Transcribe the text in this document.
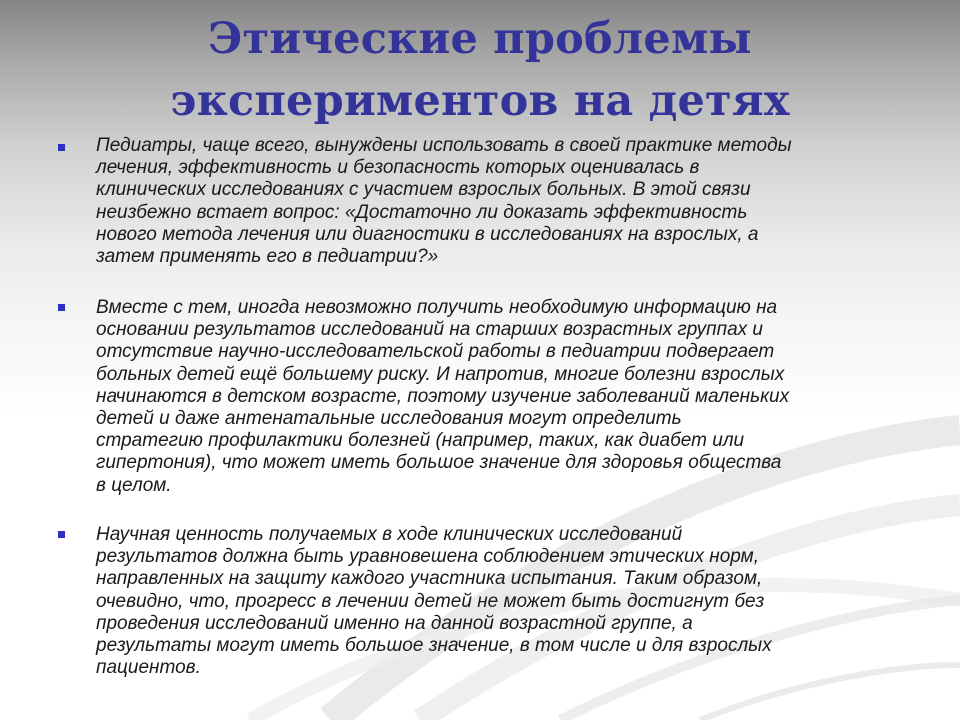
Этические проблемы
экспериментов на детях
Педиатры, чаще всего, вынуждены использовать в своей практике методы
лечения, эффективность и безопасность которых оценивалась в
клинических исследованиях с участием взрослых больных. В этой связи
неизбежно встает вопрос: «Достаточно ли доказать эффективность
нового метода лечения или диагностики в исследованиях на взрослых, а
затем применять его в педиатрии?»
Вместе с тем, иногда невозможно получить необходимую информацию на
основании результатов исследований на старших возрастных группах и
отсутствие научно-исследовательской работы в педиатрии подвергает
больных детей ещё большему риску. И напротив, многие болезни взрослых
начинаются в детском возрасте, поэтому изучение заболеваний маленьких
детей и даже антенатальные исследования могут определить
стратегию профилактики болезней (например, таких, как диабет или
гипертония), что может иметь большое значение для здоровья общества
в целом.
Научная ценность получаемых в ходе клинических исследований
результатов должна быть уравновешена соблюдением этических норм,
направленных на защиту каждого участника испытания. Таким образом,
очевидно, что, прогресс в лечении детей не может быть достигнут без
проведения исследований именно на данной возрастной группе, а
результаты могут иметь большое значение, в том числе и для взрослых
пациентов.
